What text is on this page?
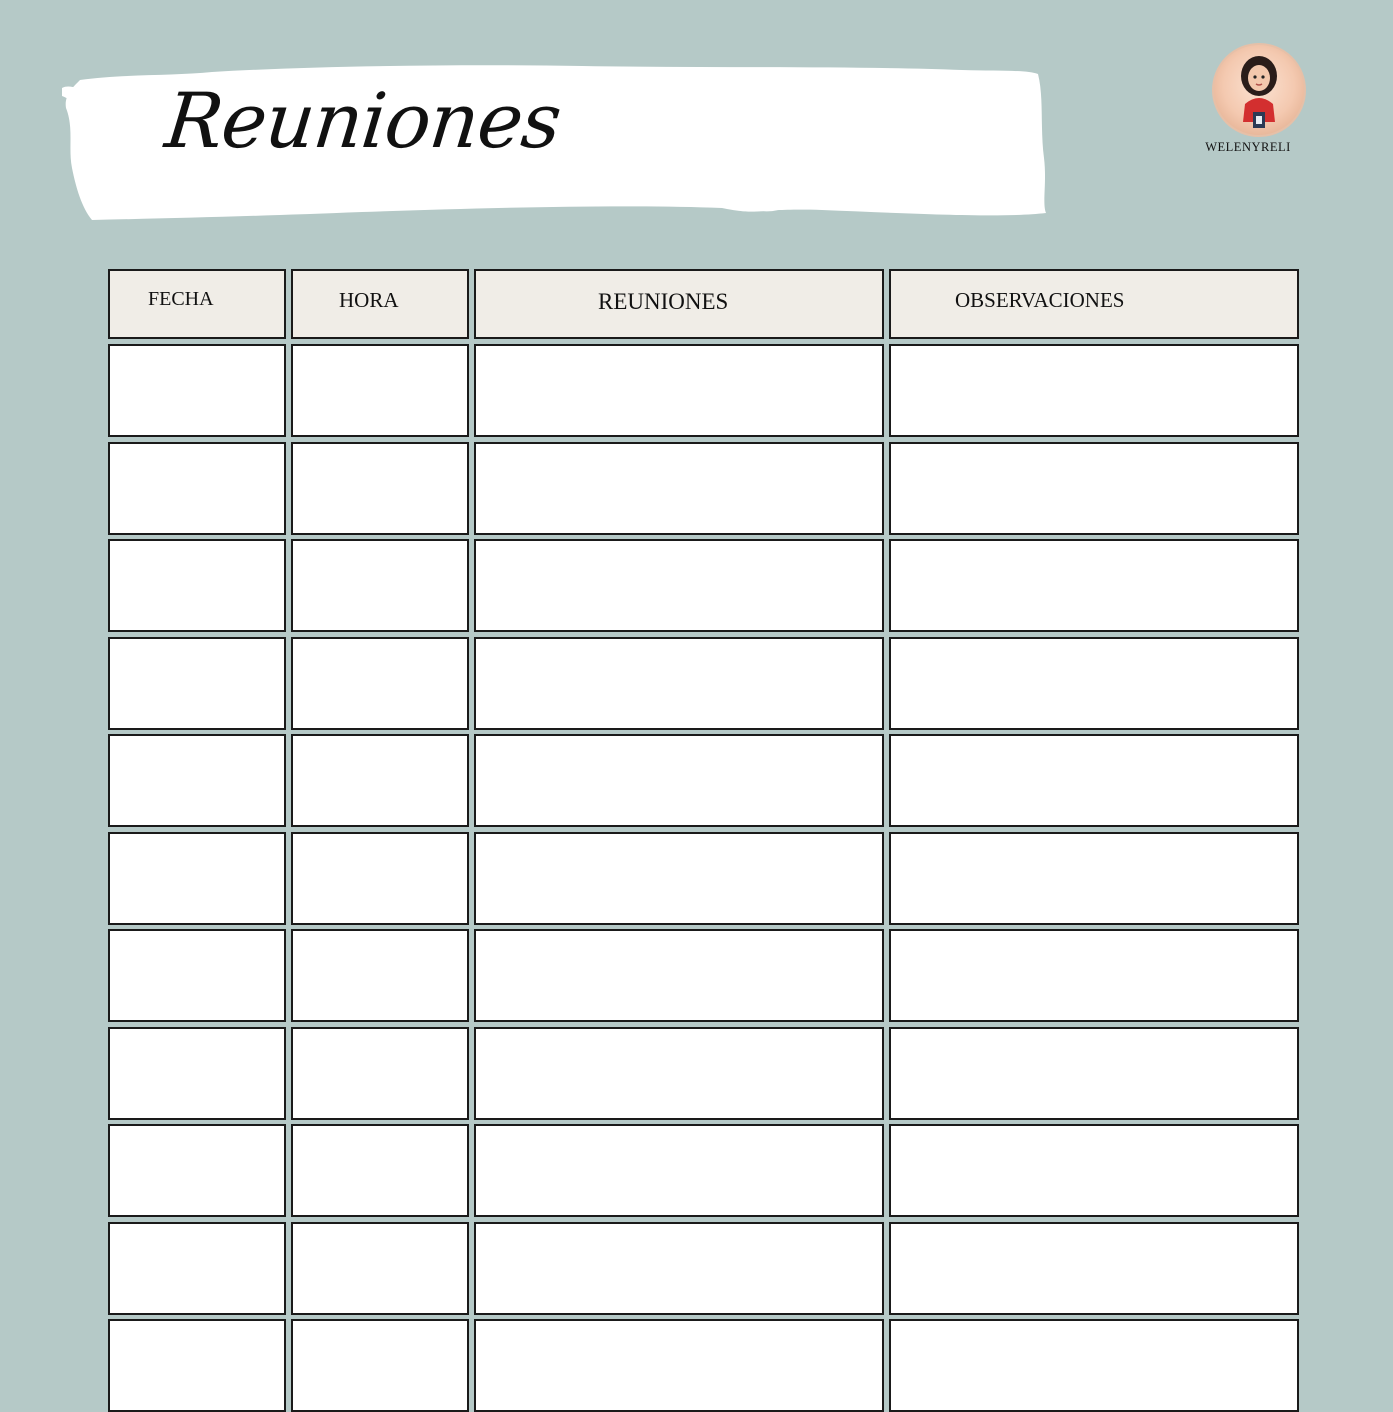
Reuniones	WELENYRELI
FECHA	HORA	REUNIONES	OBSERVACIONES
